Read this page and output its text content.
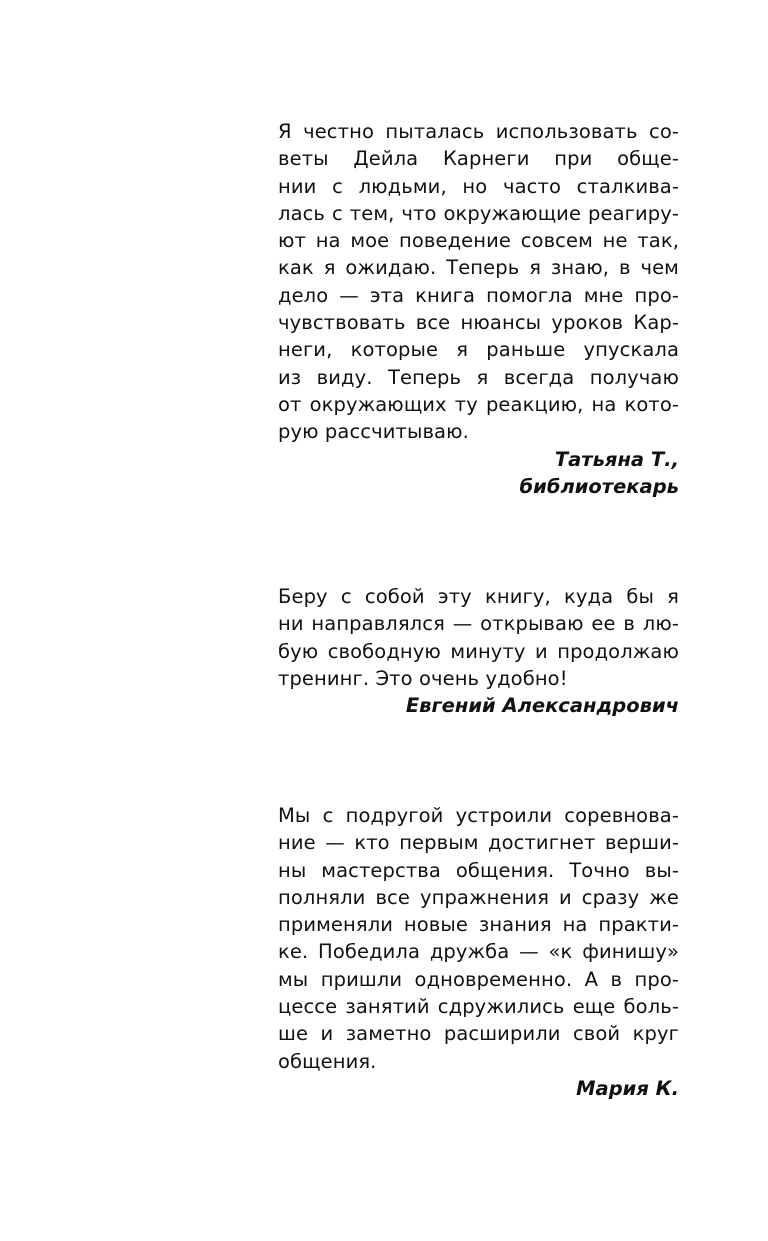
Я честно пыталась использовать со-
веты Дейла Карнеги при обще-
нии с людьми, но часто сталкива-
лась с тем, что окружающие реагиру-
ют на мое поведение совсем не так,
как я ожидаю. Теперь я знаю, в чем
дело — эта книга помогла мне про-
чувствовать все нюансы уроков Кар-
неги, которые я раньше упускала
из виду. Теперь я всегда получаю
от окружающих ту реакцию, на кото-
рую рассчитываю.
Татьяна Т.,
библиотекарь
Беру с собой эту книгу, куда бы я
ни направлялся — открываю ее в лю-
бую свободную минуту и продолжаю
тренинг. Это очень удобно!
Евгений Александрович
Мы с подругой устроили соревнова-
ние — кто первым достигнет верши-
ны мастерства общения. Точно вы-
полняли все упражнения и сразу же
применяли новые знания на практи-
ке. Победила дружба — «к финишу»
мы пришли одновременно. А в про-
цессе занятий сдружились еще боль-
ше и заметно расширили свой круг
общения.
Мария К.
